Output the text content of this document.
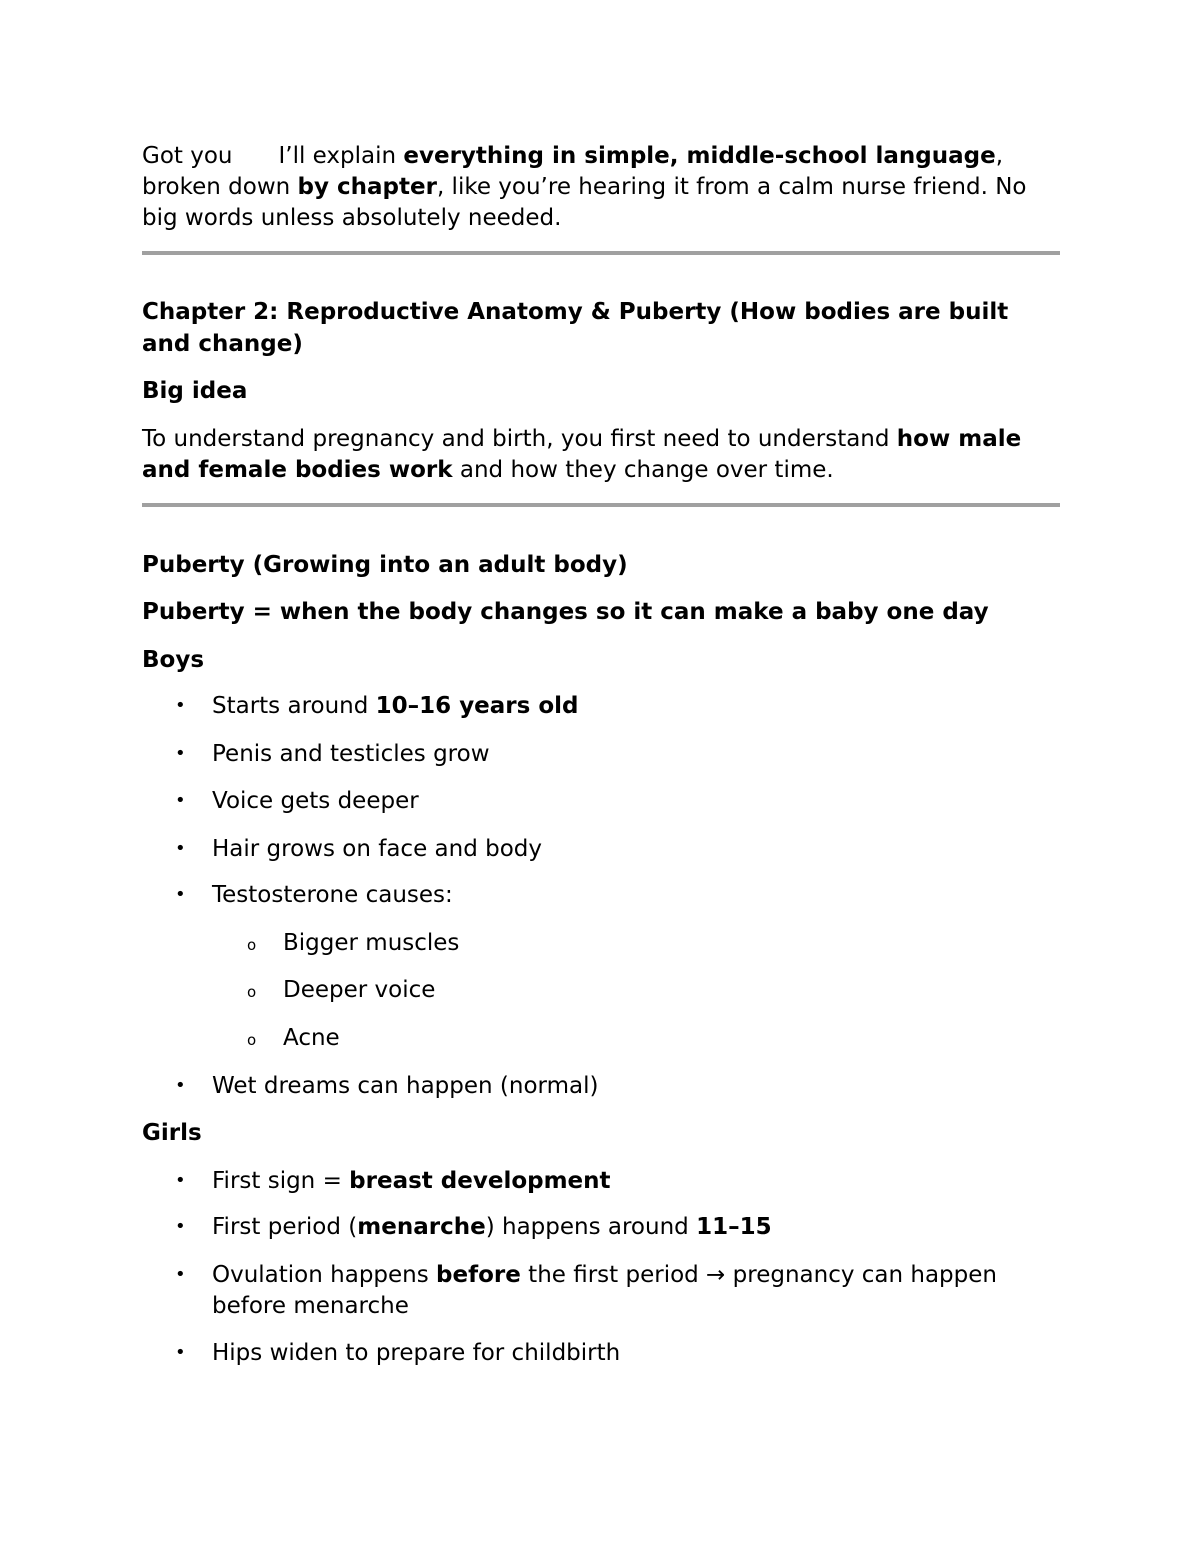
Got you I’ll explain everything in simple, middle-school language,
broken down by chapter, like you’re hearing it from a calm nurse friend. No
big words unless absolutely needed.
Chapter 2: Reproductive Anatomy & Puberty (How bodies are built
and change)
Big idea
To understand pregnancy and birth, you first need to understand how male
and female bodies work and how they change over time.
Puberty (Growing into an adult body)
Puberty = when the body changes so it can make a baby one day
Boys
• Starts around 10–16 years old
• Penis and testicles grow
• Voice gets deeper
• Hair grows on face and body
• Testosterone causes:
o Bigger muscles
o Deeper voice
o Acne
• Wet dreams can happen (normal)
Girls
• First sign = breast development
• First period (menarche) happens around 11–15
• Ovulation happens before the first period → pregnancy can happen
before menarche
• Hips widen to prepare for childbirth
